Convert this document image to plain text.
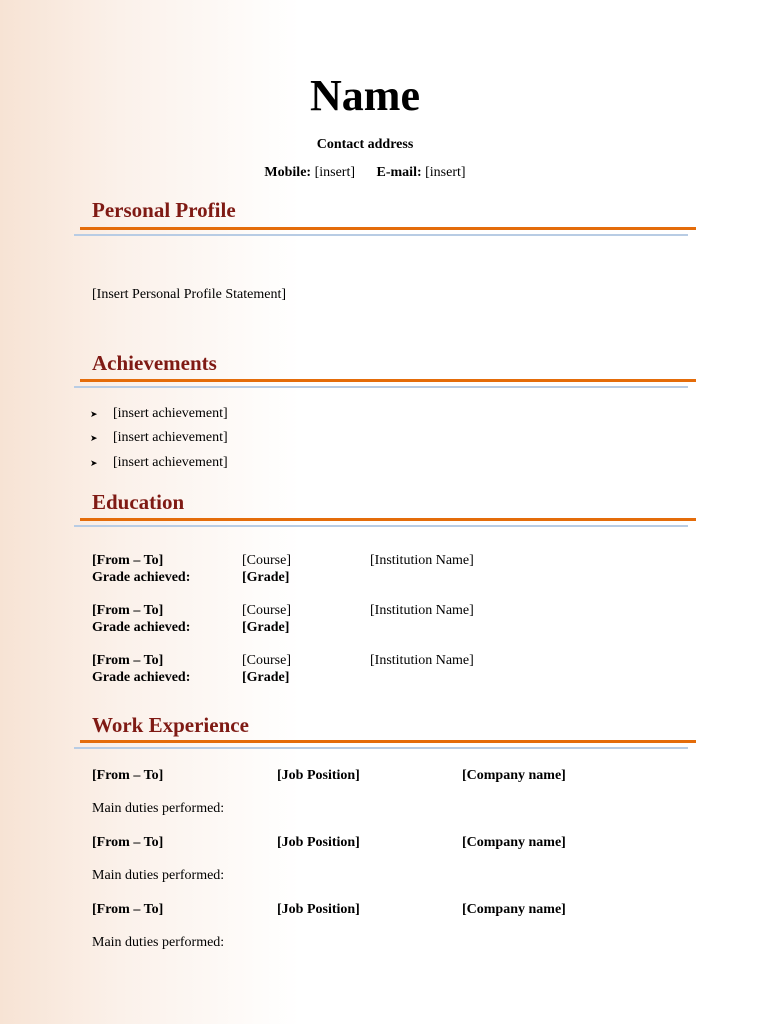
Name
Contact address
Mobile: [insert] E-mail: [insert]
Personal Profile
[Insert Personal Profile Statement]
Achievements
➤ [insert achievement]
➤ [insert achievement]
➤ [insert achievement]
Education
[From – To]	[Course]	[Institution Name]
Grade achieved:	[Grade]
[From – To]	[Course]	[Institution Name]
Grade achieved:	[Grade]
[From – To]	[Course]	[Institution Name]
Grade achieved:	[Grade]
Work Experience
[From – To]	[Job Position]	[Company name]
Main duties performed:
[From – To]	[Job Position]	[Company name]
Main duties performed:
[From – To]	[Job Position]	[Company name]
Main duties performed:
